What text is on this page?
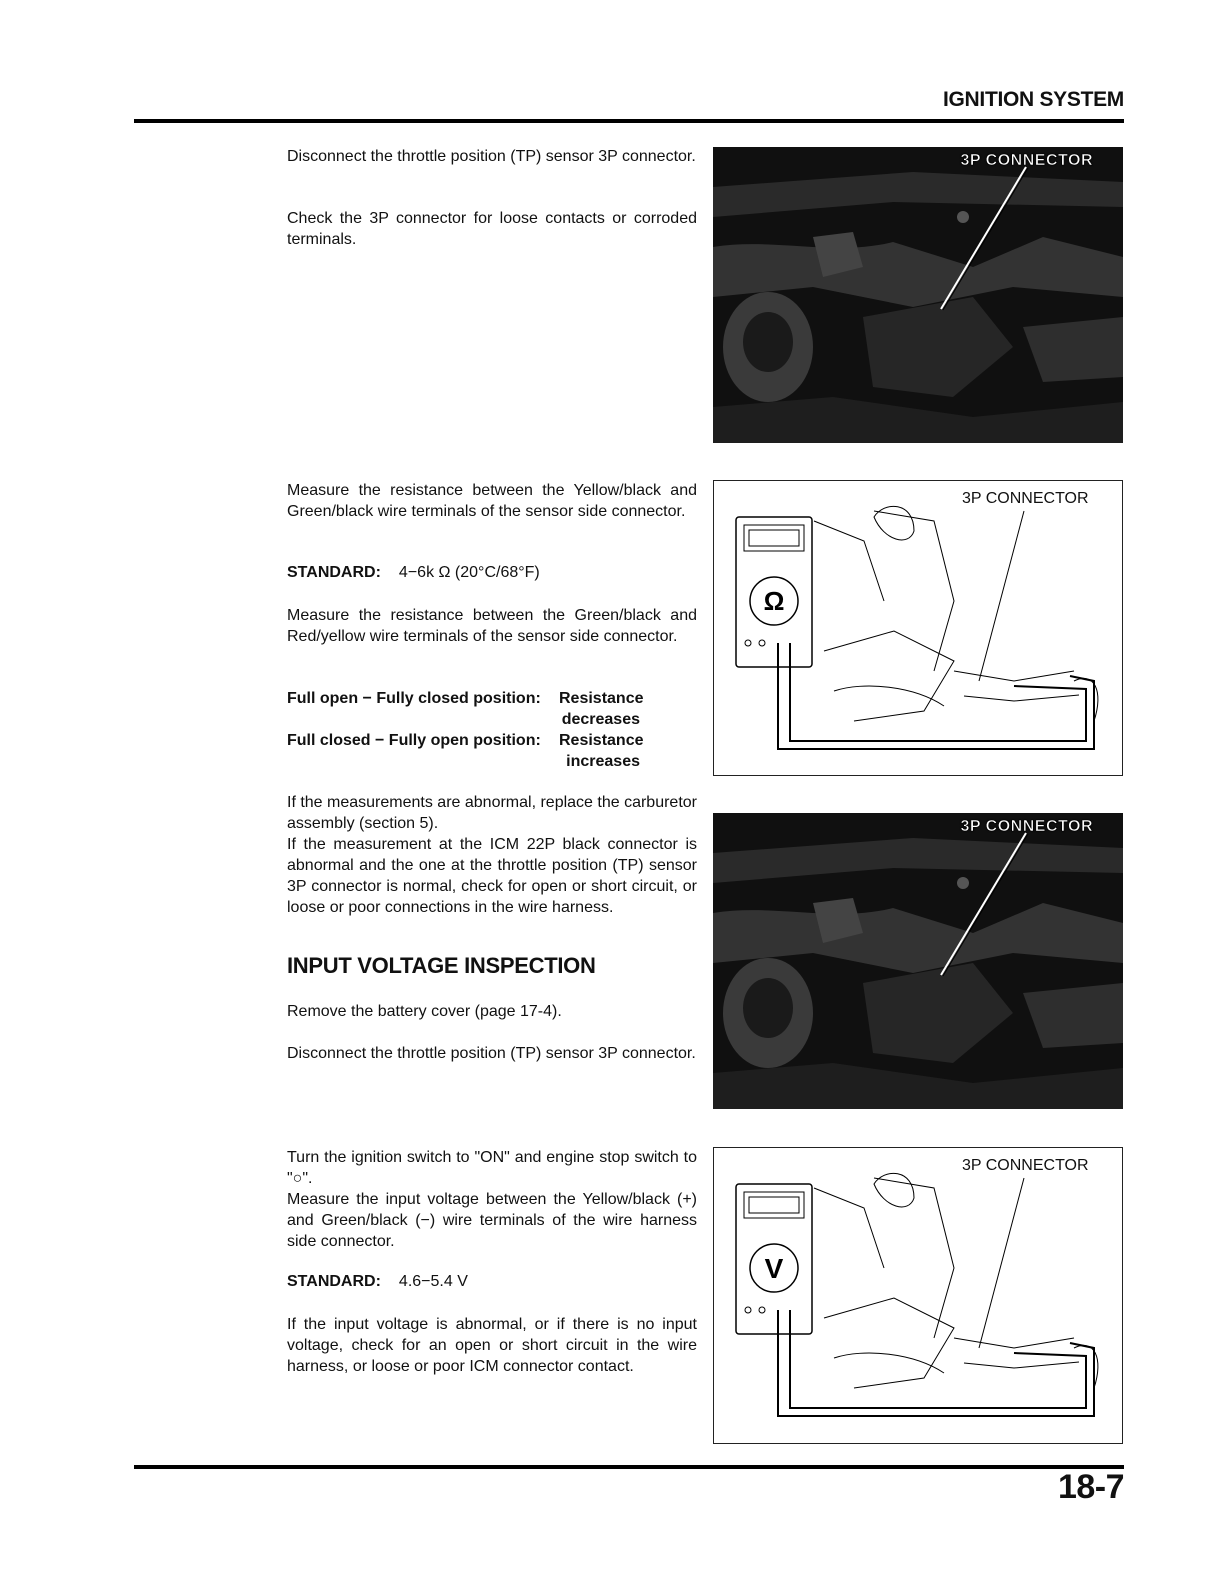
IGNITION SYSTEM

Disconnect the throttle position (TP) sensor 3P connector.

Check the 3P connector for loose contacts or corroded terminals.

3P CONNECTOR

Measure the resistance between the Yellow/black and Green/black wire terminals of the sensor side connector.

STANDARD: 4−6k Ω (20°C/68°F)

Measure the resistance between the Green/black and Red/yellow wire terminals of the sensor side connector.

Full open − Fully closed position:	Resistance
decreases
Full closed − Fully open position:	Resistance
increases
Ω
3P CONNECTOR

If the measurements are abnormal, replace the carburetor assembly (section 5).

If the measurement at the ICM 22P black connector is abnormal and the one at the throttle position (TP) sensor 3P connector is normal, check for open or short circuit, or loose or poor connections in the wire harness.

3P CONNECTOR
INPUT VOLTAGE INSPECTION

Remove the battery cover (page 17-4).

Disconnect the throttle position (TP) sensor 3P connector.

Turn the ignition switch to "ON" and engine stop switch to "○".

Measure the input voltage between the Yellow/black (+) and Green/black (−) wire terminals of the wire harness side connector.

STANDARD: 4.6−5.4 V

If the input voltage is abnormal, or if there is no input voltage, check for an open or short circuit in the wire harness, or loose or poor ICM connector contact.

V
3P CONNECTOR
18-7
